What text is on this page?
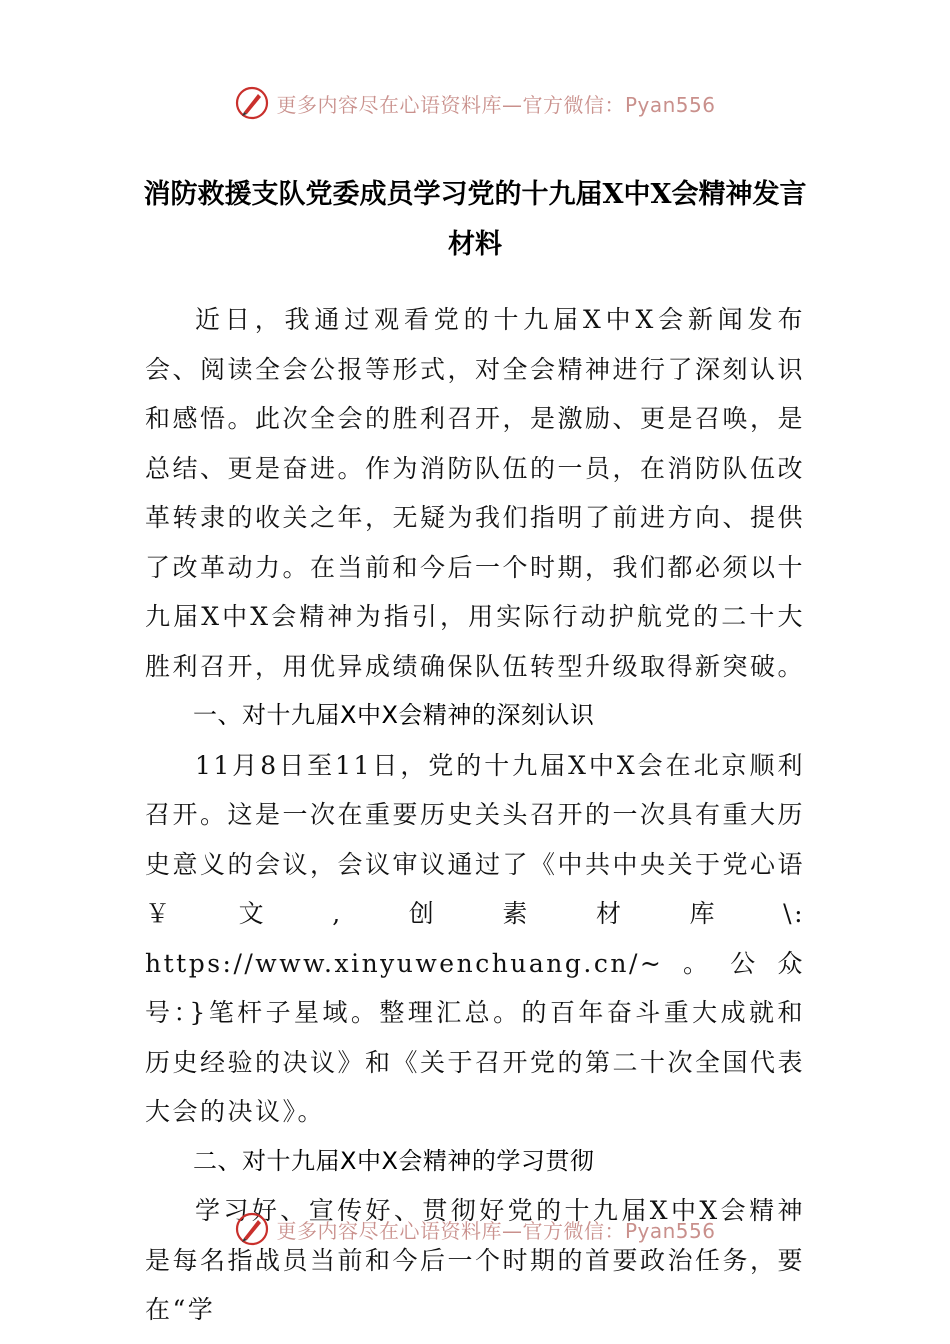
更多内容尽在心语资料库—官方微信：Pyan556
消防救援支队党委成员学习党的十九届X中X会精神发言材料

近日，我通过观看党的十九届X中X会新闻发布会、阅读全会公报等形式，对全会精神进行了深刻认识和感悟。此次全会的胜利召开，是激励、更是召唤，是总结、更是奋进。作为消防队伍的一员，在消防队伍改革转隶的收关之年，无疑为我们指明了前进方向、提供了改革动力。在当前和今后一个时期，我们都必须以十九届X中X会精神为指引，用实际行动护航党的二十大胜利召开，用优异成绩确保队伍转型升级取得新突破。

一、对十九届X中X会精神的深刻认识

11月8日至11日，党的十九届X中X会在北京顺利召开。这是一次在重要历史关头召开的一次具有重大历史意义的会议，会议审议通过了《中共中央关于党心语￥文,创素材库\: https://www.xinyuwenchuang.cn/~。公众号：}笔杆子星域。整理汇总。的百年奋斗重大成就和历史经验的决议》和《关于召开党的第二十次全国代表大会的决议》。

二、对十九届X中X会精神的学习贯彻

学习好、宣传好、贯彻好党的十九届X中X会精神是每名指战员当前和今后一个时期的首要政治任务，要在“学

更多内容尽在心语资料库—官方微信：Pyan556
